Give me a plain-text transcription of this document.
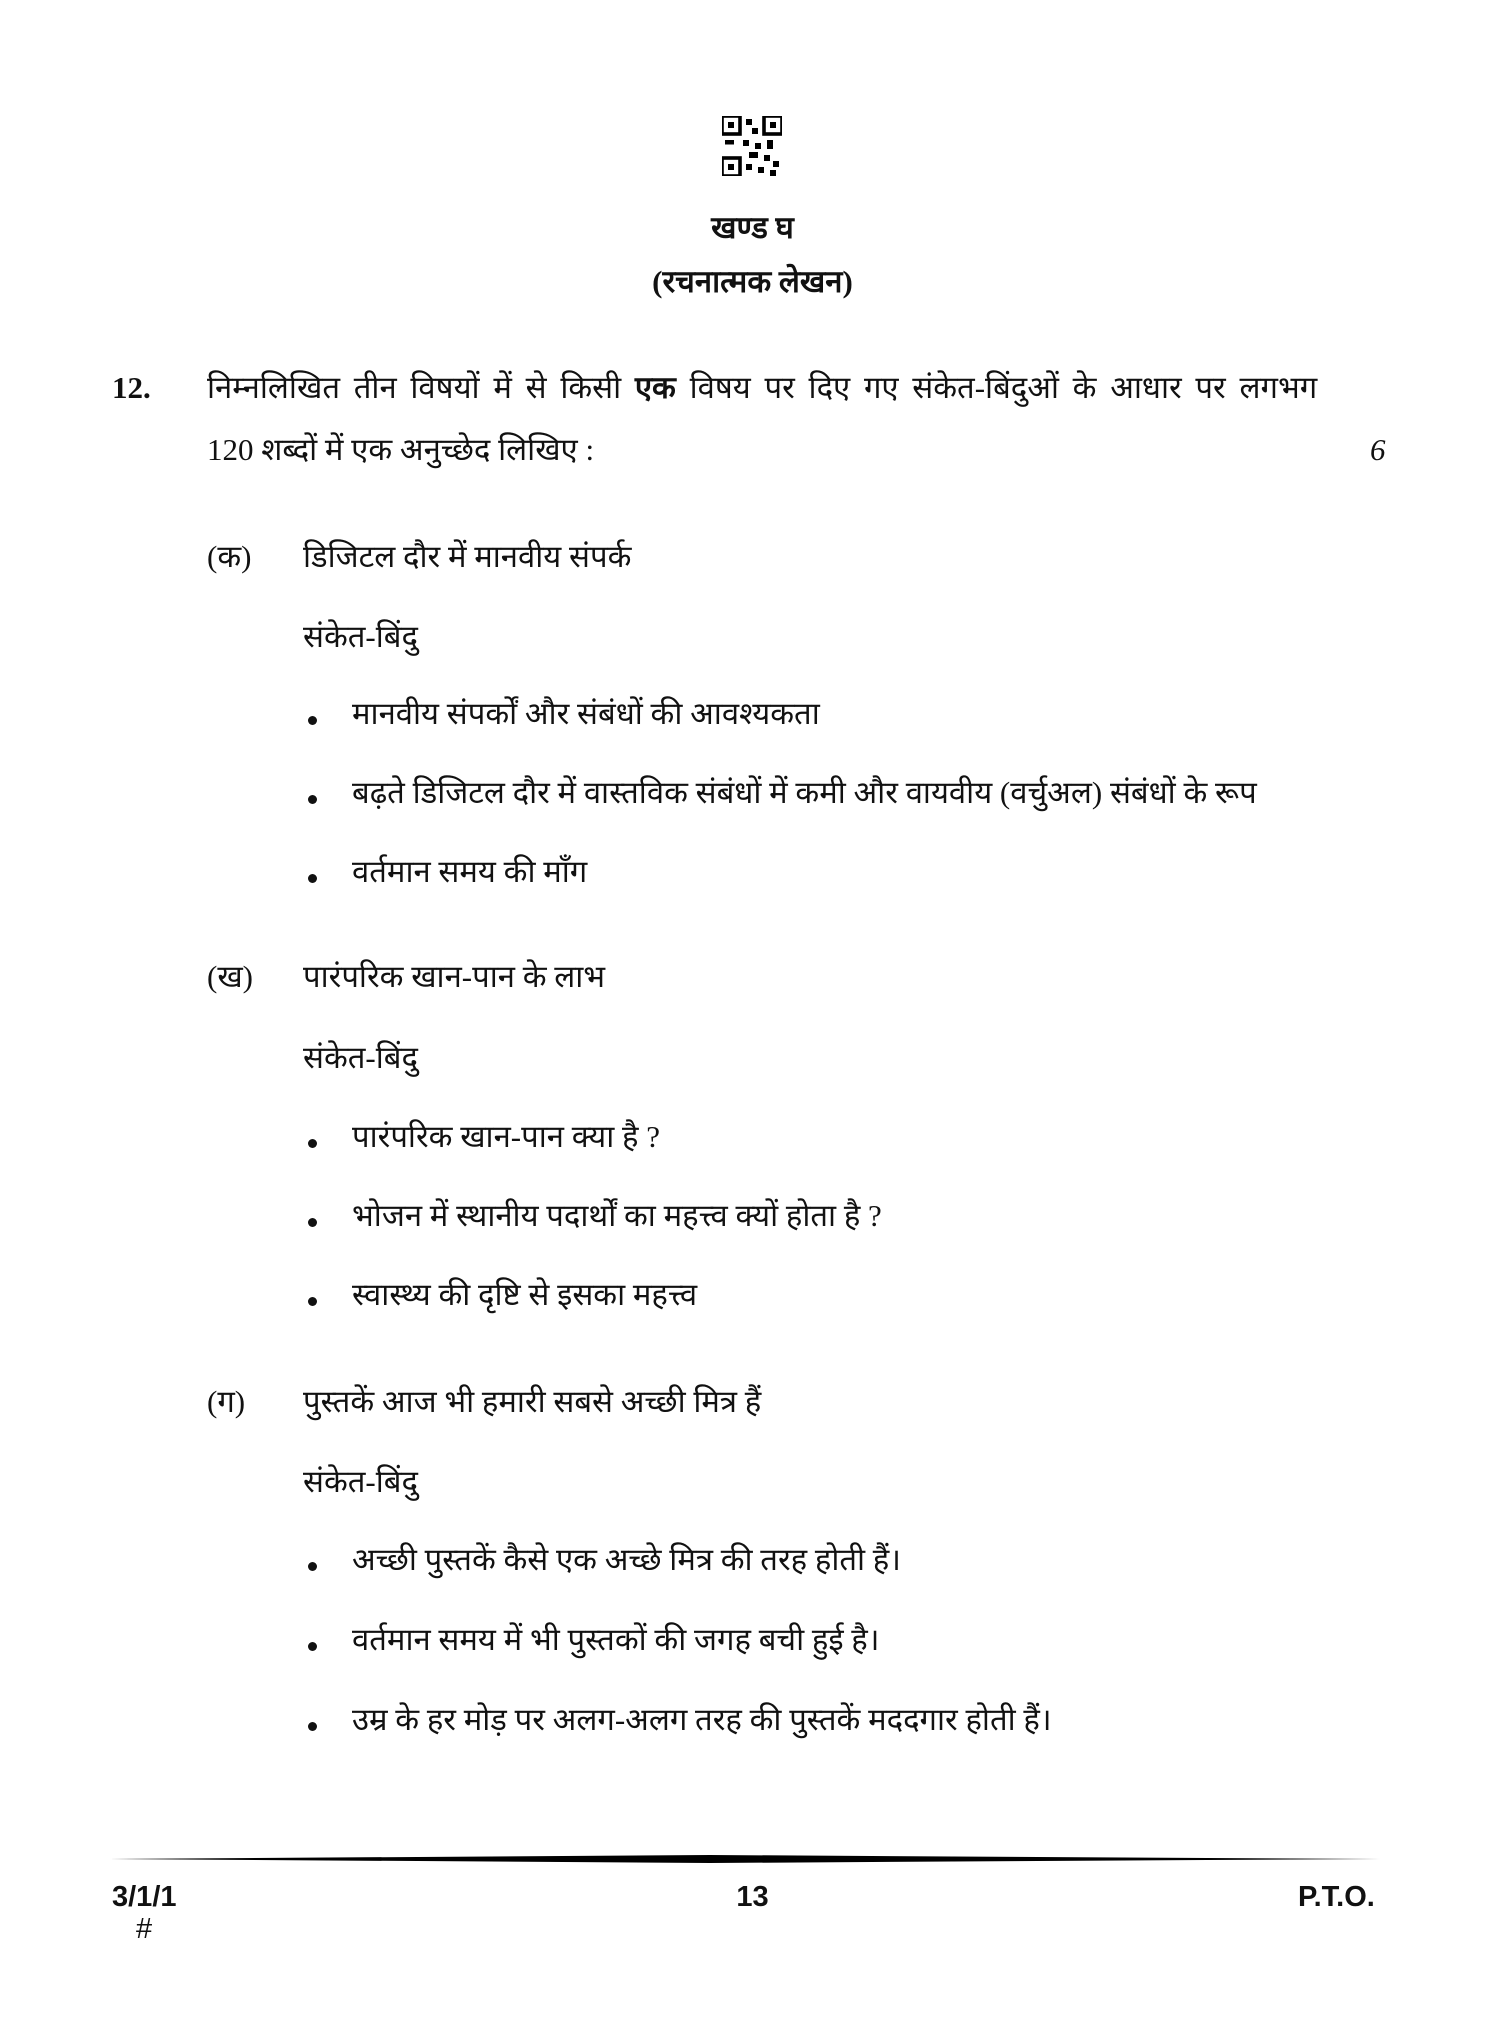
खण्ड घ
(रचनात्मक लेखन)
12. निम्नलिखित तीन विषयों में से किसी एक विषय पर दिए गए संकेत-बिंदुओं के आधार पर लगभग
120 शब्दों में एक अनुच्छेद लिखिए :	6
(क) डिजिटल दौर में मानवीय संपर्क
संकेत-बिंदु
मानवीय संपर्कों और संबंधों की आवश्यकता
बढ़ते डिजिटल दौर में वास्तविक संबंधों में कमी और वायवीय (वर्चुअल) संबंधों के रूप
वर्तमान समय की माँग
(ख) पारंपरिक खान-पान के लाभ
संकेत-बिंदु
पारंपरिक खान-पान क्या है ?
भोजन में स्थानीय पदार्थों का महत्त्व क्यों होता है ?
स्वास्थ्य की दृष्टि से इसका महत्त्व
(ग) पुस्तकें आज भी हमारी सबसे अच्छी मित्र हैं
संकेत-बिंदु
अच्छी पुस्तकें कैसे एक अच्छे मित्र की तरह होती हैं।
वर्तमान समय में भी पुस्तकों की जगह बची हुई है।
उम्र के हर मोड़ पर अलग-अलग तरह की पुस्तकें मददगार होती हैं।
3/1/1
#
13	P.T.O.
